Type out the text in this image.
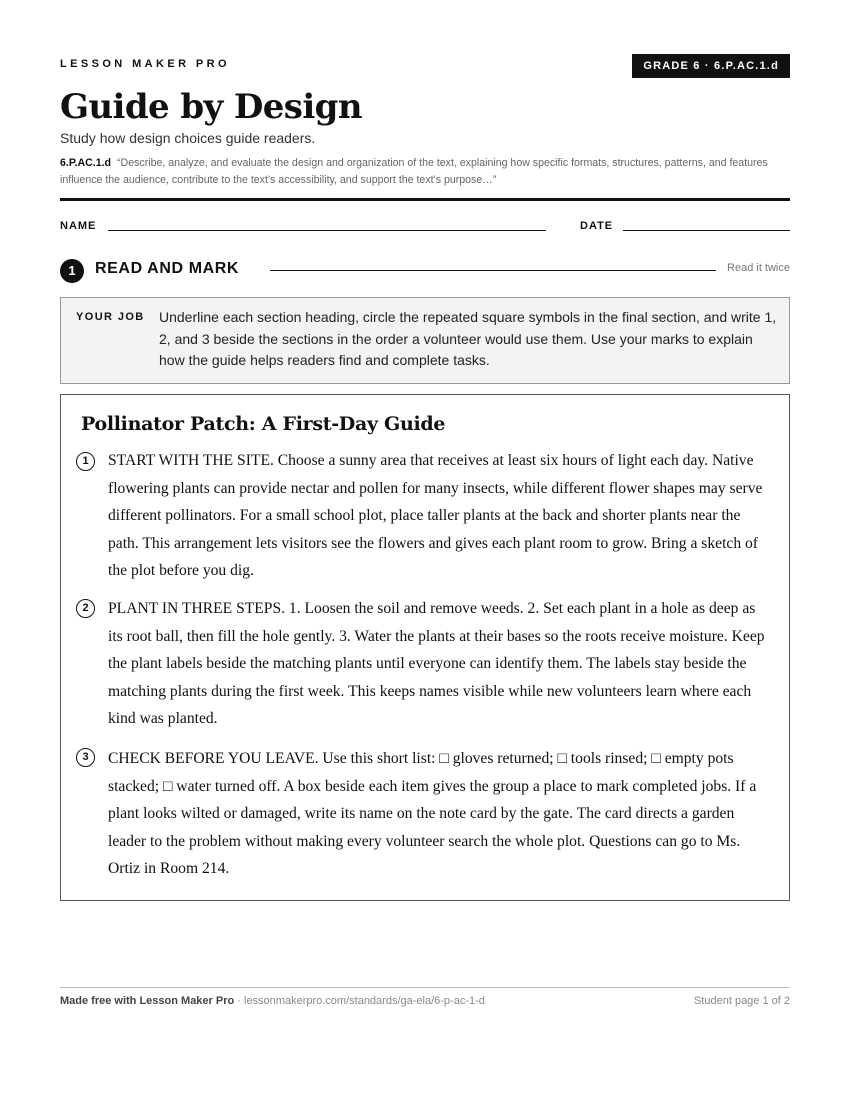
LESSON MAKER PRO	GRADE 6 · 6.P.AC.1.d
Guide by Design
Study how design choices guide readers.
6.P.AC.1.d “Describe, analyze, and evaluate the design and organization of the text, explaining how specific formats, structures, patterns, and features influence the audience, contribute to the text’s accessibility, and support the text’s purpose…”
NAME	DATE
1	READ AND MARK	Read it twice
YOUR JOB Underline each section heading, circle the repeated square symbols in the final section, and write 1, 2, and 3 beside the sections in the order a volunteer would use them. Use your marks to explain how the guide helps readers find and complete tasks.
Pollinator Patch: A First-Day Guide
1	START WITH THE SITE. Choose a sunny area that receives at least six hours of light each day. Native flowering plants can provide nectar and pollen for many insects, while different flower shapes may serve different pollinators. For a small school plot, place taller plants at the back and shorter plants near the path. This arrangement lets visitors see the flowers and gives each plant room to grow. Bring a sketch of the plot before you dig.
2	PLANT IN THREE STEPS. 1. Loosen the soil and remove weeds. 2. Set each plant in a hole as deep as its root ball, then fill the hole gently. 3. Water the plants at their bases so the roots receive moisture. Keep the plant labels beside the matching plants until everyone can identify them. The labels stay beside the matching plants during the first week. This keeps names visible while new volunteers learn where each kind was planted.
3	CHECK BEFORE YOU LEAVE. Use this short list: □ gloves returned; □ tools rinsed; □ empty pots stacked; □ water turned off. A box beside each item gives the group a place to mark completed jobs. If a plant looks wilted or damaged, write its name on the note card by the gate. The card directs a garden leader to the problem without making every volunteer search the whole plot. Questions can go to Ms. Ortiz in Room 214.
Made free with Lesson Maker Pro · lessonmakerpro.com/standards/ga-ela/6-p-ac-1-d	Student page 1 of 2
